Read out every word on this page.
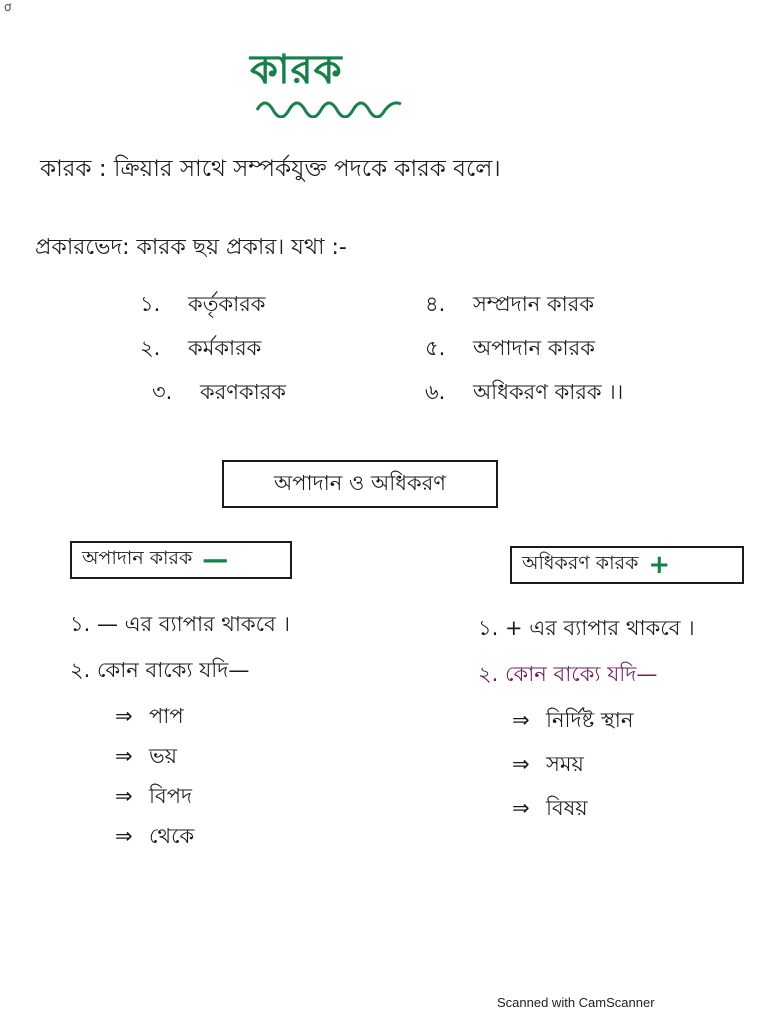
ơ
কারক
কারক : ক্রিয়ার সাথে সম্পর্কযুক্ত পদকে কারক বলে।
প্রকারভেদ: কারক ছয় প্রকার। যথা :-
১. কর্তৃকারক
২. কর্মকারক
৩. করণকারক
৪. সম্প্রদান কারক
৫. অপাদান কারক
৬. অধিকরণ কারক ।।
অপাদান ও অধিকরণ
অপাদান কারক —	অধিকরণ কারক +
১. — এর ব্যাপার থাকবে ।
২. কোন বাক্যে যদি—
⇒ পাপ
⇒ ভয়
⇒ বিপদ
⇒ থেকে
১. + এর ব্যাপার থাকবে ।
২. কোন বাক্যে যদি—
⇒ নির্দিষ্ট স্থান
⇒ সময়
⇒ বিষয়
Scanned with CamScanner
